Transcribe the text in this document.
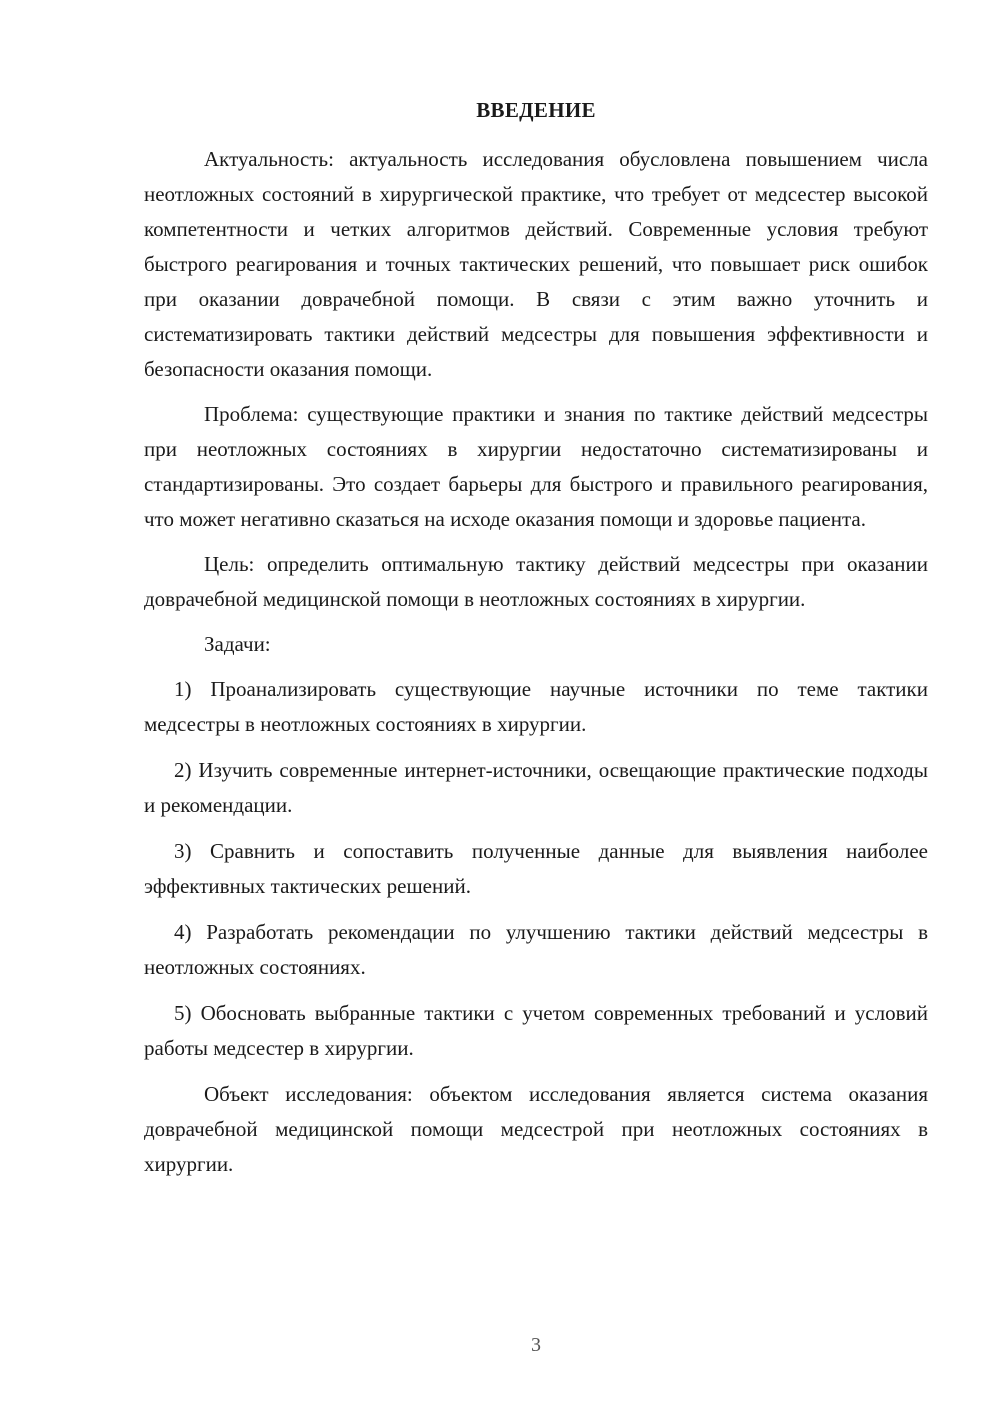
ВВЕДЕНИЕ

Актуальность: актуальность исследования обусловлена повышением числа неотложных состояний в хирургической практике, что требует от медсестер высокой компетентности и четких алгоритмов действий. Современные условия требуют быстрого реагирования и точных тактических решений, что повышает риск ошибок при оказании доврачебной помощи. В связи с этим важно уточнить и систематизировать тактики действий медсестры для повышения эффективности и безопасности оказания помощи.

Проблема: существующие практики и знания по тактике действий медсестры при неотложных состояниях в хирургии недостаточно систематизированы и стандартизированы. Это создает барьеры для быстрого и правильного реагирования, что может негативно сказаться на исходе оказания помощи и здоровье пациента.

Цель: определить оптимальную тактику действий медсестры при оказании доврачебной медицинской помощи в неотложных состояниях в хирургии.

Задачи:

1) Проанализировать существующие научные источники по теме тактики медсестры в неотложных состояниях в хирургии.

2) Изучить современные интернет-источники, освещающие практические подходы и рекомендации.

3) Сравнить и сопоставить полученные данные для выявления наиболее эффективных тактических решений.

4) Разработать рекомендации по улучшению тактики действий медсестры в неотложных состояниях.

5) Обосновать выбранные тактики с учетом современных требований и условий работы медсестер в хирургии.

Объект исследования: объектом исследования является система оказания доврачебной медицинской помощи медсестрой при неотложных состояниях в хирургии.

3
